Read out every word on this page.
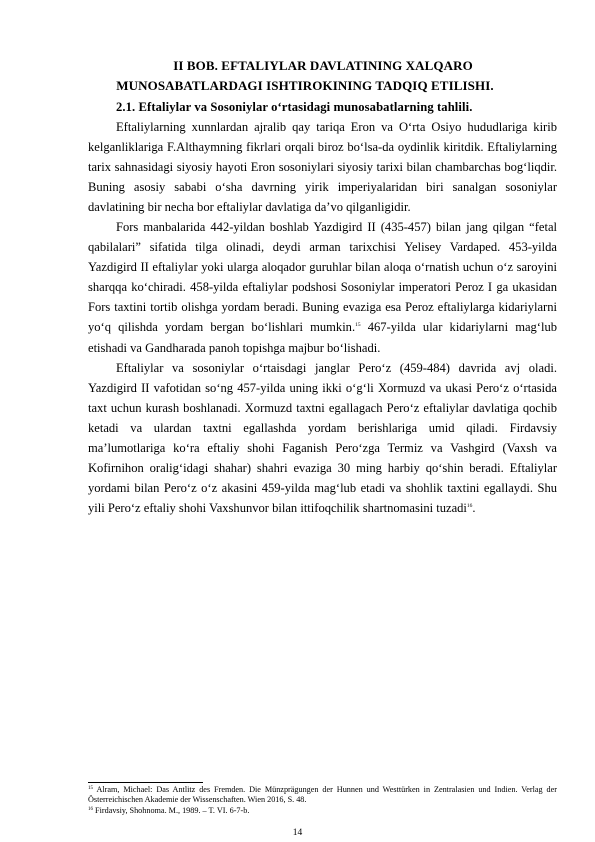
II BOB. EFTALIYLAR DAVLATINING XALQARO
MUNOSABATLARDAGI ISHTIROKINING TADQIQ ETILISHI.
2.1. Eftaliylar va Sosoniylar oʻrtasidagi munosabatlarning tahlili.

Eftaliylarning xunnlardan ajralib qay tariqa Eron va Oʻrta Osiyo hududlariga kirib kelganliklariga F.Althaymning fikrlari orqali biroz boʻlsa-da oydinlik kiritdik. Eftaliylarning tarix sahnasidagi siyosiy hayoti Eron sosoniylari siyosiy tarixi bilan chambarchas bogʻliqdir. Buning asosiy sababi oʻsha davrning yirik imperiyalaridan biri sanalgan sosoniylar davlatining bir necha bor eftaliylar davlatiga daʼvo qilganligidir.

Fors manbalarida 442-yildan boshlab Yazdigird II (435-457) bilan jang qilgan “fetal qabilalari” sifatida tilga olinadi, deydi arman tarixchisi Yelisey Vardaped. 453-yilda Yazdigird II eftaliylar yoki ularga aloqador guruhlar bilan aloqa oʻrnatish uchun oʻz saroyini sharqqa koʻchiradi. 458-yilda eftaliylar podshosi Sosoniylar imperatori Peroz I ga ukasidan Fors taxtini tortib olishga yordam beradi. Buning evaziga esa Peroz eftaliylarga kidariylarni yoʻq qilishda yordam bergan boʻlishlari mumkin.$^{15}$ 467-yilda ular kidariylarni magʻlub etishadi va Gandharada panoh topishga majbur boʻlishadi.

Eftaliylar va sosoniylar oʻrtaisdagi janglar Peroʻz (459-484) davrida avj oladi. Yazdigird II vafotidan soʻng 457-yilda uning ikki oʻgʻli Xormuzd va ukasi Peroʻz oʻrtasida taxt uchun kurash boshlanadi. Xormuzd taxtni egallagach Peroʻz eftaliylar davlatiga qochib ketadi va ulardan taxtni egallashda yordam berishlariga umid qiladi. Firdavsiy maʼlumotlariga koʻra eftaliy shohi Faganish Peroʻzga Termiz va Vashgird (Vaxsh va Kofirnihon oraligʻidagi shahar) shahri evaziga 30 ming harbiy qoʻshin beradi. Eftaliylar yordami bilan Peroʻz oʻz akasini 459-yilda magʻlub etadi va shohlik taxtini egallaydi. Shu yili Peroʻz eftaliy shohi Vaxshunvor bilan ittifoqchilik shartnomasini tuzadi$^{16}$.

$^{15}$ Alram, Michael: Das Antlitz des Fremden. Die Münzprägungen der Hunnen und Westtürken in Zentralasien und Indien. Verlag der Österreichischen Akademie der Wissenschaften. Wien 2016, S. 48.

$^{16}$ Firdavsiy, Shohnoma. M., 1989. – T. VI. 6-7-b.

14
